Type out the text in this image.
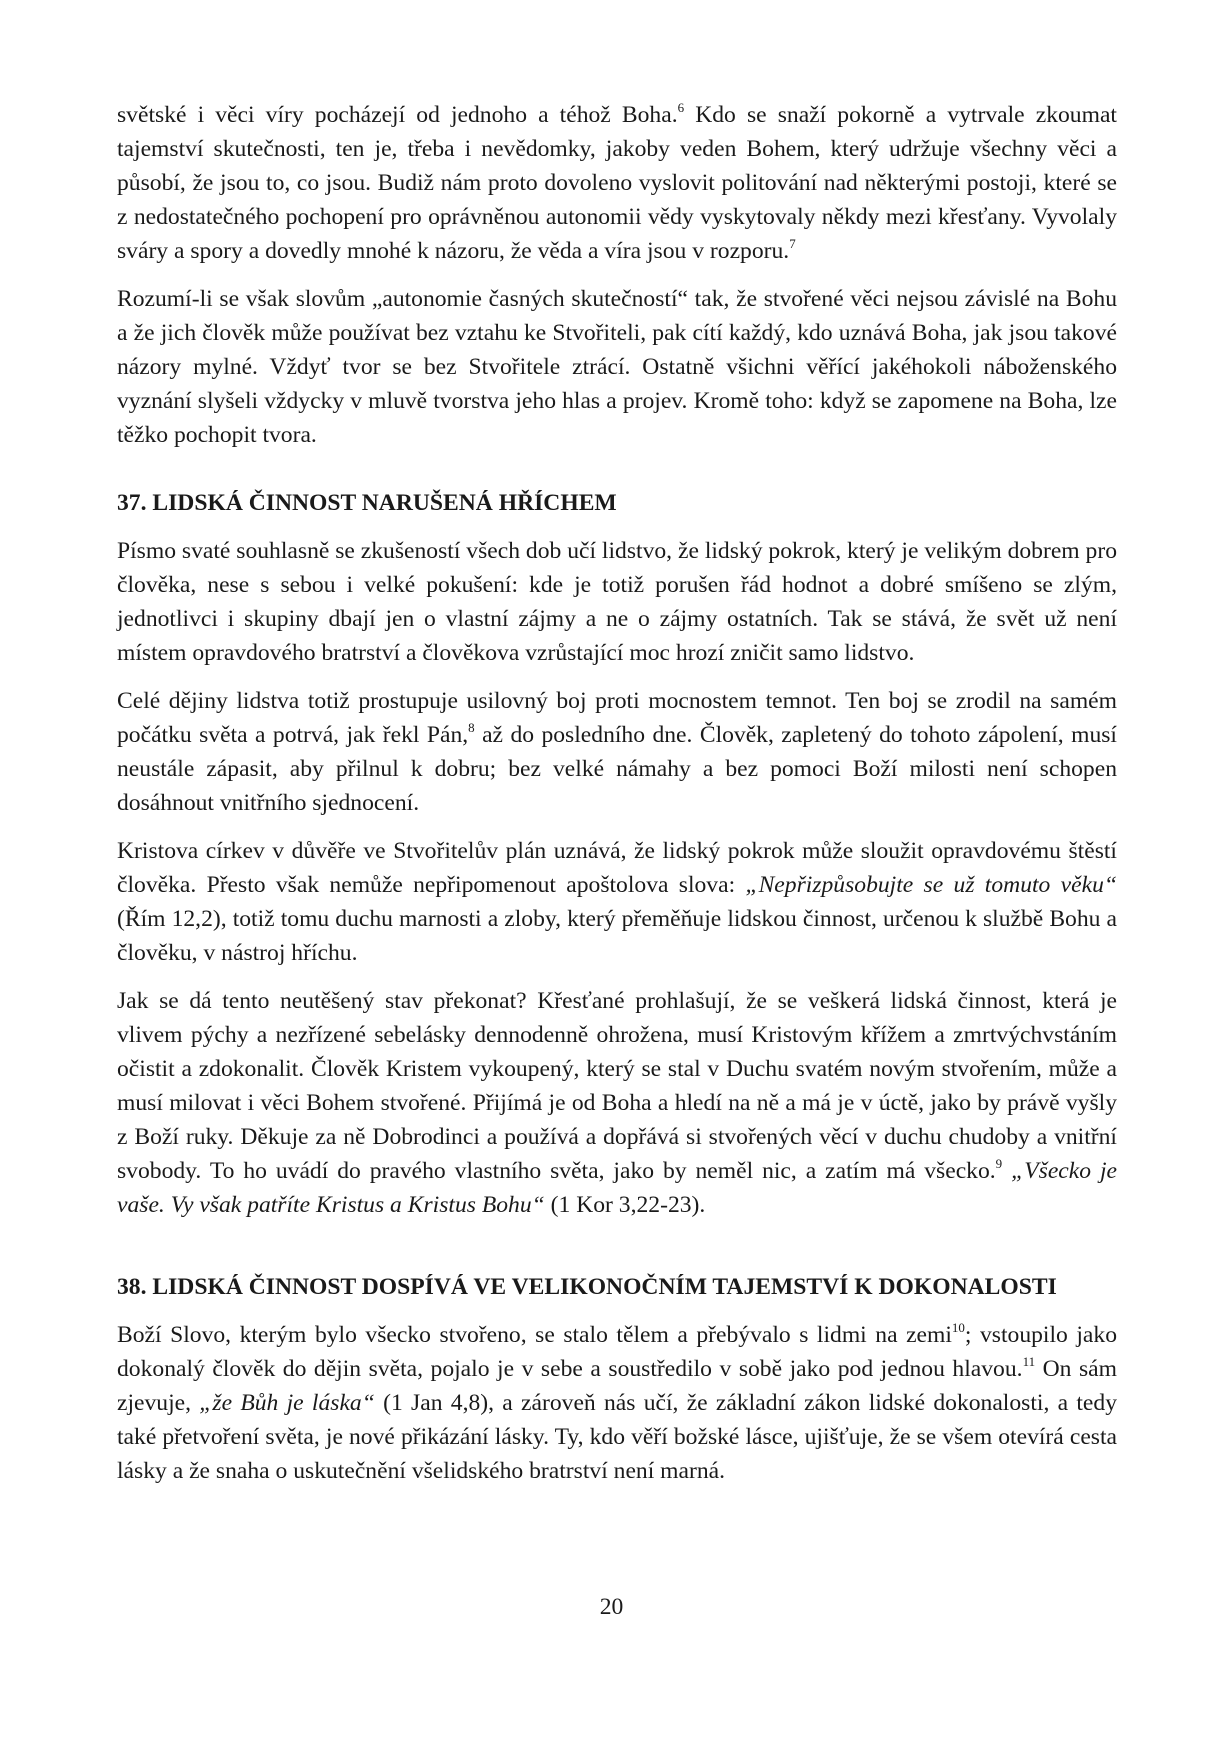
světské i věci víry pocházejí od jednoho a téhož Boha.$^6$ Kdo se snaží pokorně a vytrvale zkoumat tajemství skutečnosti, ten je, třeba i nevědomky, jakoby veden Bohem, který udržuje všechny věci a působí, že jsou to, co jsou. Budiž nám proto dovoleno vyslovit politování nad některými postoji, které se z nedostatečného pochopení pro oprávněnou autonomii vědy vyskytovaly někdy mezi křesťany. Vyvolaly sváry a spory a dovedly mnohé k názoru, že věda a víra jsou v rozporu.$^7$

Rozumí-li se však slovům „autonomie časných skutečností“ tak, že stvořené věci nejsou závislé na Bohu a že jich člověk může používat bez vztahu ke Stvořiteli, pak cítí každý, kdo uznává Boha, jak jsou takové názory mylné. Vždyť tvor se bez Stvořitele ztrácí. Ostatně všichni věřící jakéhokoli náboženského vyznání slyšeli vždycky v mluvě tvorstva jeho hlas a projev. Kromě toho: když se zapomene na Boha, lze těžko pochopit tvora.

37. LIDSKÁ ČINNOST NARUŠENÁ HŘÍCHEM

Písmo svaté souhlasně se zkušeností všech dob učí lidstvo, že lidský pokrok, který je velikým dobrem pro člověka, nese s sebou i velké pokušení: kde je totiž porušen řád hodnot a dobré smíšeno se zlým, jednotlivci i skupiny dbají jen o vlastní zájmy a ne o zájmy ostatních. Tak se stává, že svět už není místem opravdového bratrství a člověkova vzrůstající moc hrozí zničit samo lidstvo.

Celé dějiny lidstva totiž prostupuje usilovný boj proti mocnostem temnot. Ten boj se zrodil na samém počátku světa a potrvá, jak řekl Pán,$^8$ až do posledního dne. Člověk, zapletený do tohoto zápolení, musí neustále zápasit, aby přilnul k dobru; bez velké námahy a bez pomoci Boží milosti není schopen dosáhnout vnitřního sjednocení.

Kristova církev v důvěře ve Stvořitelův plán uznává, že lidský pokrok může sloužit opravdovému štěstí člověka. Přesto však nemůže nepřipomenout apoštolova slova: „Nepřizpůsobujte se už tomuto věku“ (Řím 12,2), totiž tomu duchu marnosti a zloby, který přeměňuje lidskou činnost, určenou k službě Bohu a člověku, v nástroj hříchu.

Jak se dá tento neutěšený stav překonat? Křesťané prohlašují, že se veškerá lidská činnost, která je vlivem pýchy a nezřízené sebelásky dennodenně ohrožena, musí Kristovým křížem a zmrtvýchvstáním očistit a zdokonalit. Člověk Kristem vykoupený, který se stal v Duchu svatém novým stvořením, může a musí milovat i věci Bohem stvořené. Přijímá je od Boha a hledí na ně a má je v úctě, jako by právě vyšly z Boží ruky. Děkuje za ně Dobrodinci a používá a dopřává si stvořených věcí v duchu chudoby a vnitřní svobody. To ho uvádí do pravého vlastního světa, jako by neměl nic, a zatím má všecko.$^9$ „Všecko je vaše. Vy však patříte Kristus a Kristus Bohu“ (1 Kor 3,22-23).

38. LIDSKÁ ČINNOST DOSPÍVÁ VE VELIKONOČNÍM TAJEMSTVÍ K DOKONALOSTI

Boží Slovo, kterým bylo všecko stvořeno, se stalo tělem a přebývalo s lidmi na zemi$^{10}$; vstoupilo jako dokonalý člověk do dějin světa, pojalo je v sebe a soustředilo v sobě jako pod jednou hlavou.$^{11}$ On sám zjevuje, „že Bůh je láska“ (1 Jan 4,8), a zároveň nás učí, že základní zákon lidské dokonalosti, a tedy také přetvoření světa, je nové přikázání lásky. Ty, kdo věří božské lásce, ujišťuje, že se všem otevírá cesta lásky a že snaha o uskutečnění všelidského bratrství není marná.

20
